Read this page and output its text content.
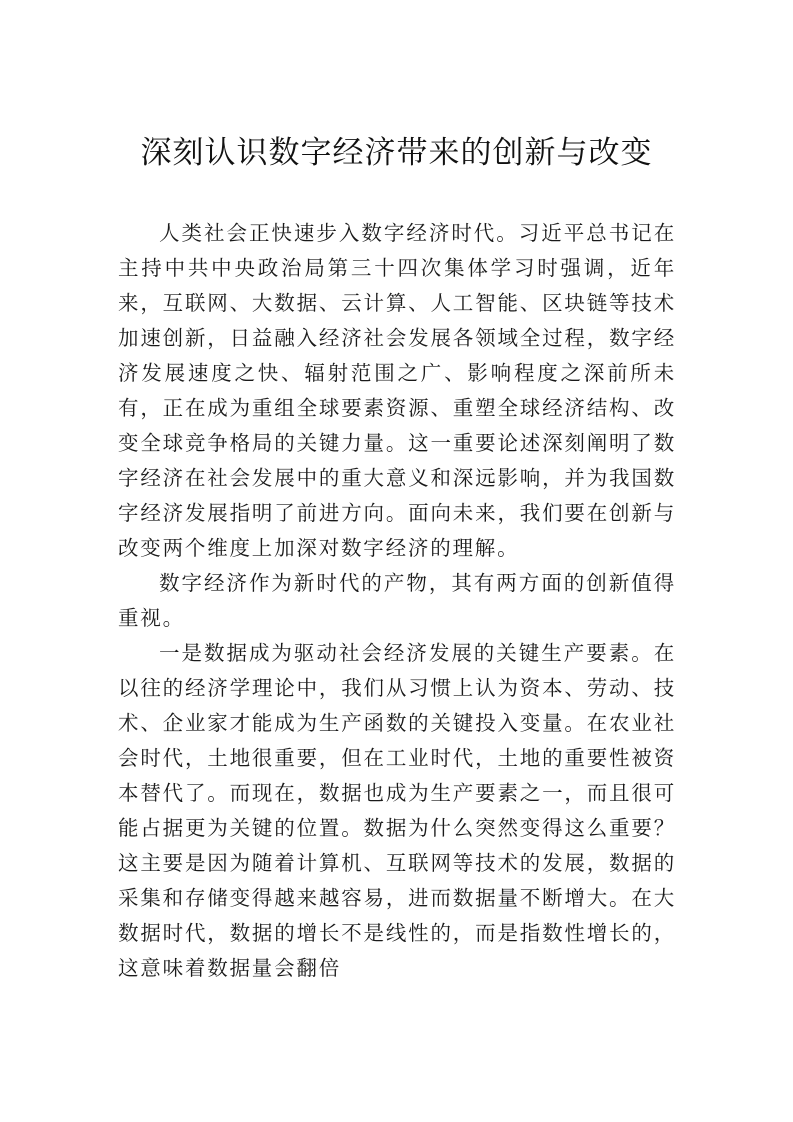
深刻认识数字经济带来的创新与改变

人类社会正快速步入数字经济时代。习近平总书记在主持中共中央政治局第三十四次集体学习时强调，近年来，互联网、大数据、云计算、人工智能、区块链等技术加速创新，日益融入经济社会发展各领域全过程，数字经济发展速度之快、辐射范围之广、影响程度之深前所未有，正在成为重组全球要素资源、重塑全球经济结构、改变全球竞争格局的关键力量。这一重要论述深刻阐明了数字经济在社会发展中的重大意义和深远影响，并为我国数字经济发展指明了前进方向。面向未来，我们要在创新与改变两个维度上加深对数字经济的理解。

数字经济作为新时代的产物，其有两方面的创新值得重视。

一是数据成为驱动社会经济发展的关键生产要素。在以往的经济学理论中，我们从习惯上认为资本、劳动、技术、企业家才能成为生产函数的关键投入变量。在农业社会时代，土地很重要，但在工业时代，土地的重要性被资本替代了。而现在，数据也成为生产要素之一，而且很可能占据更为关键的位置。数据为什么突然变得这么重要？这主要是因为随着计算机、互联网等技术的发展，数据的采集和存储变得越来越容易，进而数据量不断增大。在大数据时代，数据的增长不是线性的，而是指数性增长的，这意味着数据量会翻倍
